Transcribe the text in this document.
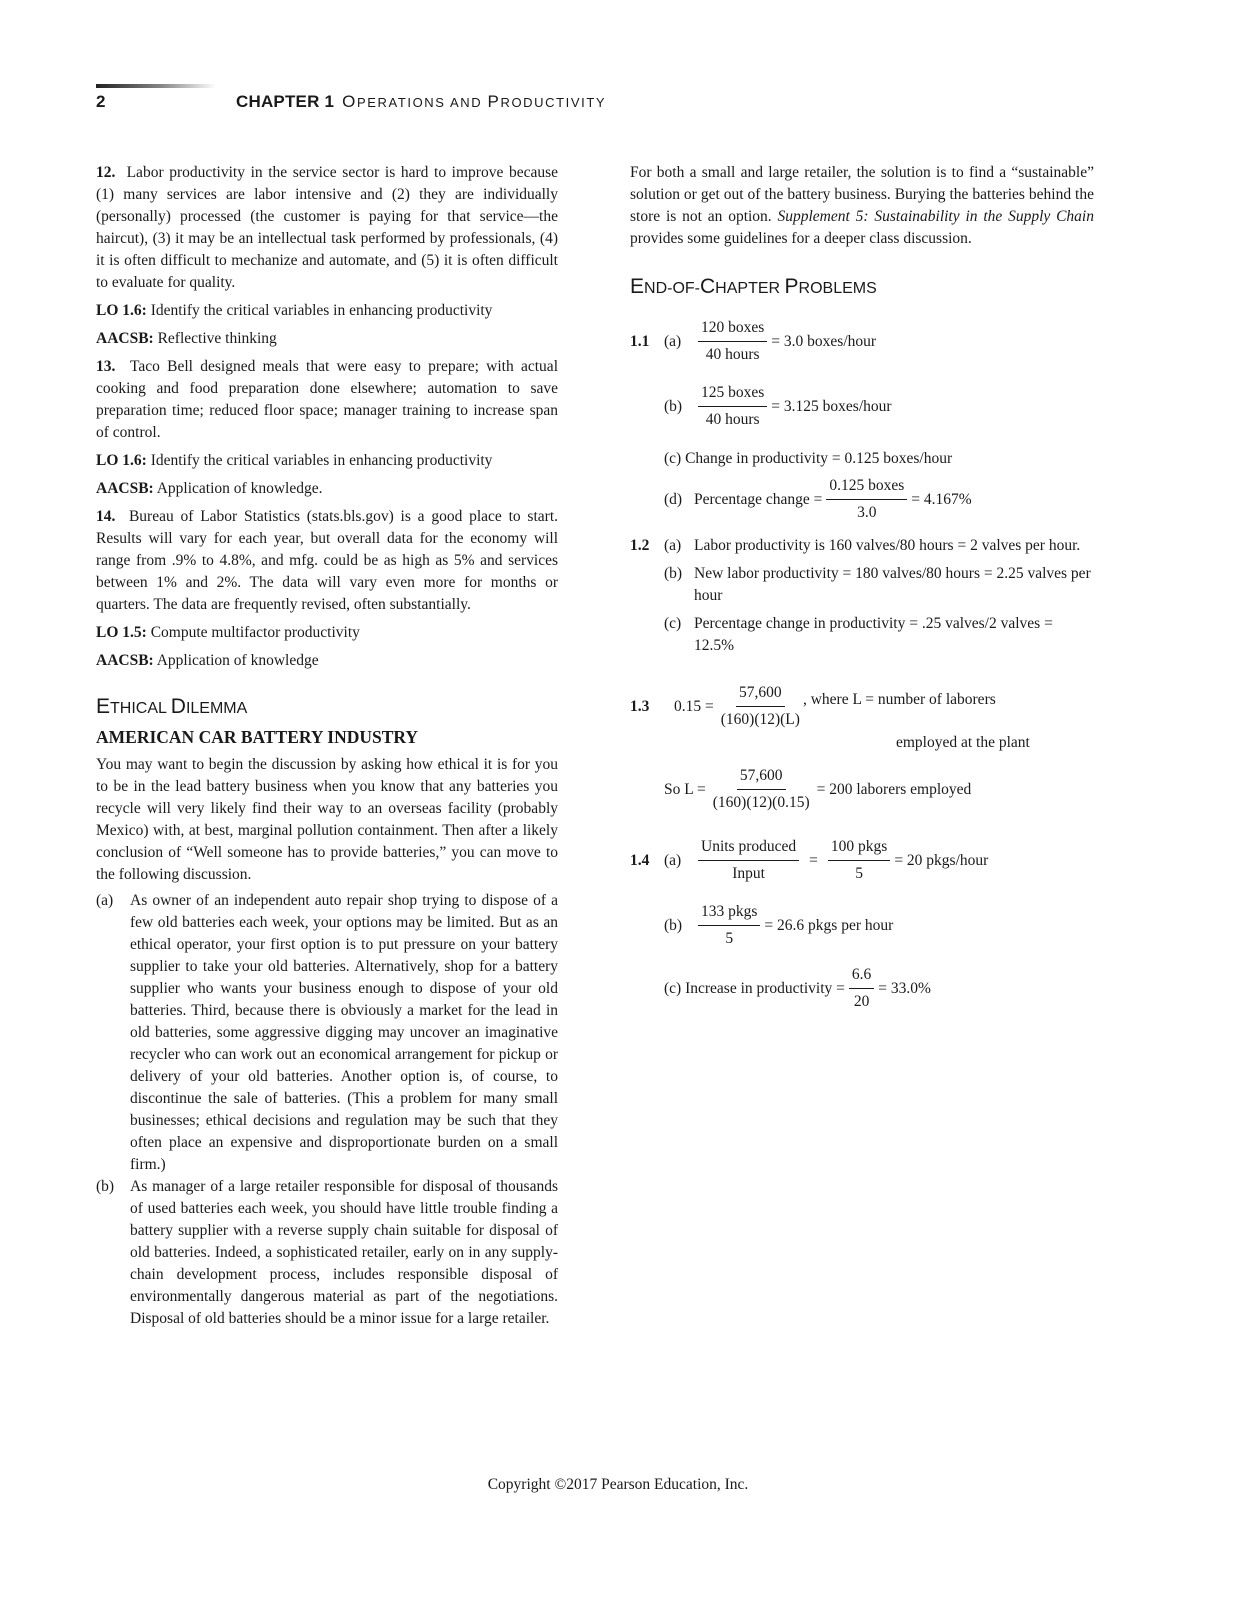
2	CHAPTER 1 OPERATIONS AND PRODUCTIVITY

12. Labor productivity in the service sector is hard to improve because (1) many services are labor intensive and (2) they are individually (personally) processed (the customer is paying for that service—the haircut), (3) it may be an intellectual task performed by professionals, (4) it is often difficult to mechanize and automate, and (5) it is often difficult to evaluate for quality.

LO 1.6: Identify the critical variables in enhancing productivity

AACSB: Reflective thinking

13. Taco Bell designed meals that were easy to prepare; with actual cooking and food preparation done elsewhere; automation to save preparation time; reduced floor space; manager training to increase span of control.

LO 1.6: Identify the critical variables in enhancing productivity

AACSB: Application of knowledge.

14. Bureau of Labor Statistics (stats.bls.gov) is a good place to start. Results will vary for each year, but overall data for the economy will range from .9% to 4.8%, and mfg. could be as high as 5% and services between 1% and 2%. The data will vary even more for months or quarters. The data are frequently revised, often substantially.

LO 1.5: Compute multifactor productivity

AACSB: Application of knowledge

ETHICAL DILEMMA
AMERICAN CAR BATTERY INDUSTRY

You may want to begin the discussion by asking how ethical it is for you to be in the lead battery business when you know that any batteries you recycle will very likely find their way to an overseas facility (probably Mexico) with, at best, marginal pollution containment. Then after a likely conclusion of “Well someone has to provide batteries,” you can move to the following discussion.

(a) As owner of an independent auto repair shop trying to dispose of a few old batteries each week, your options may be limited. But as an ethical operator, your first option is to put pressure on your battery supplier to take your old batteries. Alternatively, shop for a battery supplier who wants your business enough to dispose of your old batteries. Third, because there is obviously a market for the lead in old batteries, some aggressive digging may uncover an imaginative recycler who can work out an economical arrangement for pickup or delivery of your old batteries. Another option is, of course, to discontinue the sale of batteries. (This a problem for many small businesses; ethical decisions and regulation may be such that they often place an expensive and disproportionate burden on a small firm.)
(b) As manager of a large retailer responsible for disposal of thousands of used batteries each week, you should have little trouble finding a battery supplier with a reverse supply chain suitable for disposal of old batteries. Indeed, a sophisticated retailer, early on in any supply-chain development process, includes responsible disposal of environmentally dangerous material as part of the negotiations. Disposal of old batteries should be a minor issue for a large retailer.

For both a small and large retailer, the solution is to find a “sustainable” solution or get out of the battery business. Burying the batteries behind the store is not an option. Supplement 5: Sustainability in the Supply Chain provides some guidelines for a deeper class discussion.

END-OF-CHAPTER PROBLEMS
1.1 (a)	$\frac{\text{120 boxes}}{\text{40 hours}} = 3.0$ boxes/hour
(b)	$\frac{\text{125 boxes}}{\text{40 hours}} = 3.125$ boxes/hour
(c) Change in productivity = 0.125 boxes/hour
(d) Percentage change = $\frac{\text{0.125 boxes}}{3.0} = 4.167\%$
1.2 (a) Labor productivity is 160 valves/80 hours = 2 valves per hour.
(b) New labor productivity = 180 valves/80 hours = 2.25 valves per hour
(c) Percentage change in productivity = .25 valves/2 valves = 12.5%
1.3	$0.15 = \frac{57,600}{(160)(12)(L)}$ , where L = number of laborers
employed at the plant
So $L = \frac{57,600}{(160)(12)(0.15)} = 200$ laborers employed
1.4 (a)	$\frac{\text{Units produced}}{\text{Input}} = \frac{\text{100 pkgs}}{5} = 20$ pkgs/hour
(b)	$\frac{\text{133 pkgs}}{5} = 26.6$ pkgs per hour
(c) Increase in productivity = $\frac{6.6}{20} = 33.0\%$
Copyright ©2017 Pearson Education, Inc.
